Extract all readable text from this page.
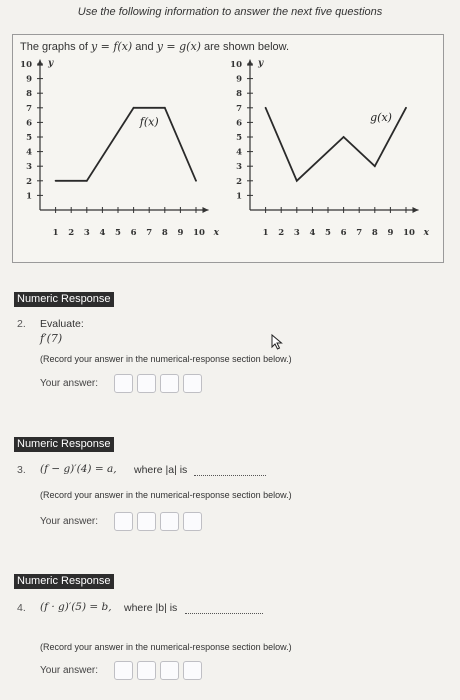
Use the following information to answer the next five questions
The graphs of y = f(x) and y = g(x) are shown below.
1
1
2
2
3
3
4
4
5
5
6
6
7
7
8
8
9
9
10
10
x
y
f(x)
1
1
2
2
3
3
4
4
5
5
6
6
7
7
8
8
9
9
10
10
x
y
g(x)
Numeric Response
2. Evaluate:
f′(7)
(Record your answer in the numerical-response section below.)
Your answer:
Numeric Response
3. (f − g)′(4) = a, where |a| is
(Record your answer in the numerical-response section below.)
Your answer:
Numeric Response
4. (f · g)′(5) = b, where |b| is
(Record your answer in the numerical-response section below.)
Your answer:
